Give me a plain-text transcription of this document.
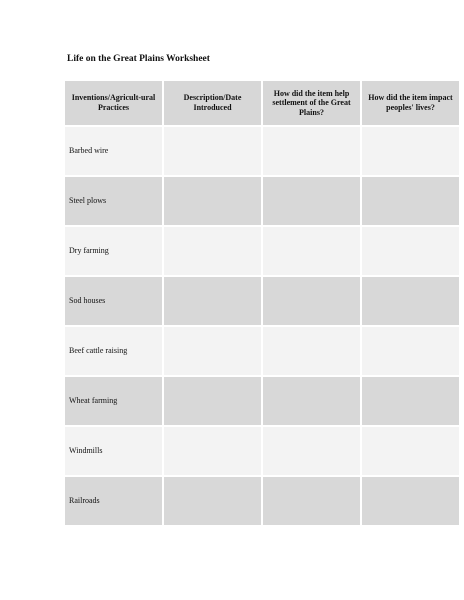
Life on the Great Plains Worksheet
Inventions/Agricult-ural Practices	Description/Date Introduced	How did the item help settlement of the Great Plains?	How did the item impact peoples' lives?
Barbed wire			
Steel plows			
Dry farming			
Sod houses			
Beef cattle raising			
Wheat farming			
Windmills			
Railroads			
